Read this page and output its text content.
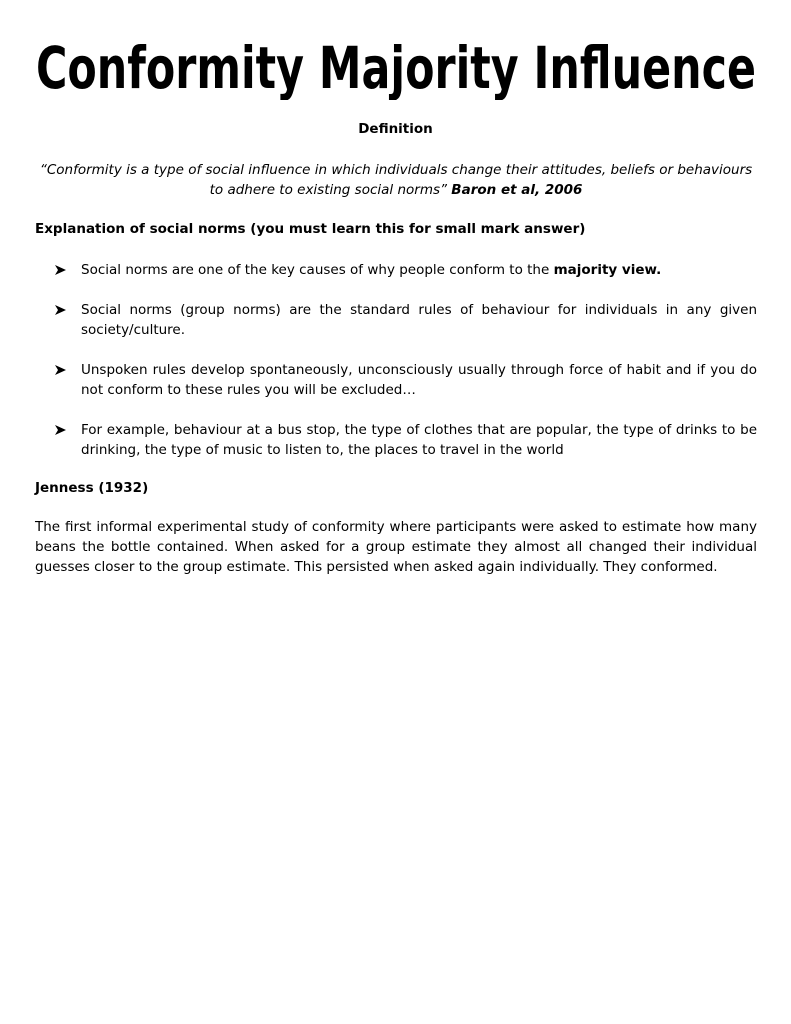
Conformity Majority Influence
Definition
“Conformity is a type of social influence in which individuals change their attitudes, beliefs or behaviours to adhere to existing social norms” Baron et al, 2006
Explanation of social norms (you must learn this for small mark answer)
Social norms are one of the key causes of why people conform to the majority view.
Social norms (group norms) are the standard rules of behaviour for individuals in any given society/culture.
Unspoken rules develop spontaneously, unconsciously usually through force of habit and if you do not conform to these rules you will be excluded…
For example, behaviour at a bus stop, the type of clothes that are popular, the type of drinks to be drinking, the type of music to listen to, the places to travel in the world
Jenness (1932)
The first informal experimental study of conformity where participants were asked to estimate how many beans the bottle contained. When asked for a group estimate they almost all changed their individual guesses closer to the group estimate. This persisted when asked again individually. They conformed.
